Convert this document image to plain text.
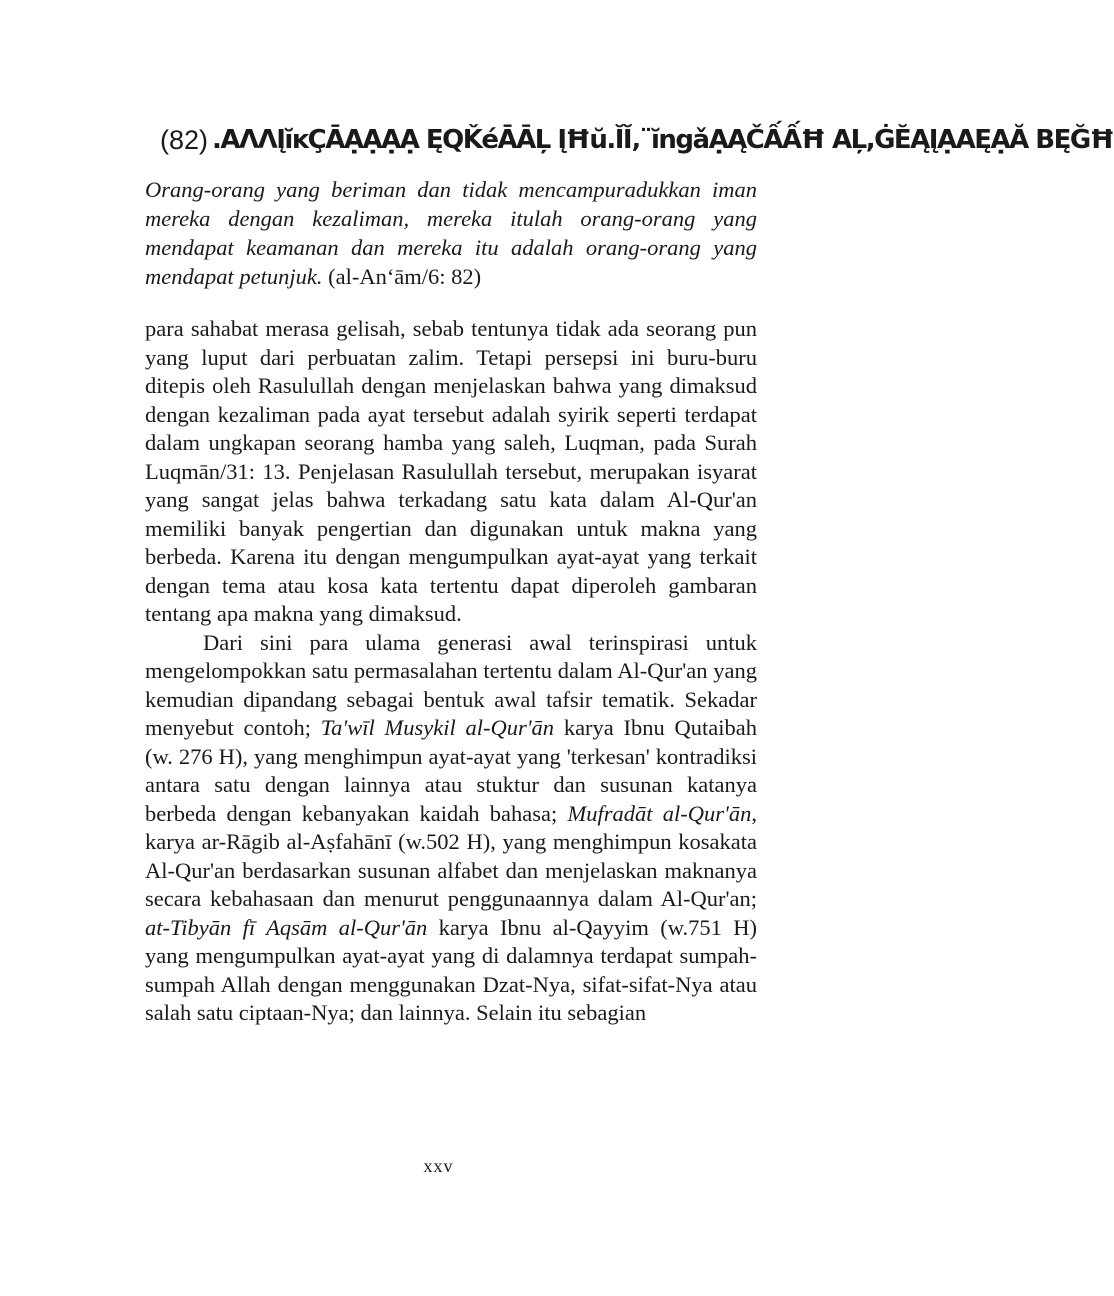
(82) .AΛΛĮĭĸÇĀẠẠẠẠ ĘQǨéĀĀĻ ĮĦŭ.ĬĬ‚¨ĭngǎẠĄČẤẤĦ AĻ,ĠĔĄĮẠAĘẠĂ BĘĞĦ
Orang-orang yang beriman dan tidak mencampuradukkan iman mereka dengan kezaliman, mereka itulah orang-orang yang mendapat keamanan dan mereka itu adalah orang-orang yang mendapat petunjuk. (al-An‘ām/6: 82)

para sahabat merasa gelisah, sebab tentunya tidak ada seorang pun yang luput dari perbuatan zalim. Tetapi persepsi ini buru-buru ditepis oleh Rasulullah dengan menjelaskan bahwa yang dimaksud dengan kezaliman pada ayat tersebut adalah syirik seperti terdapat dalam ungkapan seorang hamba yang saleh, Luqman, pada Surah Luqmān/31: 13. Penjelasan Rasulullah tersebut, merupakan isyarat yang sangat jelas bahwa terkadang satu kata dalam Al-Qur'an memiliki banyak pengertian dan digunakan untuk makna yang berbeda. Karena itu dengan mengumpulkan ayat-ayat yang terkait dengan tema atau kosa kata tertentu dapat diperoleh gambaran tentang apa makna yang dimaksud.

Dari sini para ulama generasi awal terinspirasi untuk mengelompokkan satu permasalahan tertentu dalam Al-Qur'an yang kemudian dipandang sebagai bentuk awal tafsir tematik. Sekadar menyebut contoh; Ta'wīl Musykil al-Qur'ān karya Ibnu Qutaibah (w. 276 H), yang menghimpun ayat-ayat yang 'terkesan' kontradiksi antara satu dengan lainnya atau stuktur dan susunan katanya berbeda dengan kebanyakan kaidah bahasa; Mufradāt al-Qur'ān, karya ar-Rāgib al-Aṣfahānī (w.502 H), yang menghimpun kosakata Al-Qur'an berdasarkan susunan alfabet dan menjelaskan maknanya secara kebahasaan dan menurut penggunaannya dalam Al-Qur'an; at-Tibyān fī Aqsām al-Qur'ān karya Ibnu al-Qayyim (w.751 H) yang mengumpulkan ayat-ayat yang di dalamnya terdapat sumpah-sumpah Allah dengan menggunakan Dzat-Nya, sifat-sifat-Nya atau salah satu ciptaan-Nya; dan lainnya. Selain itu sebagian

xxv
